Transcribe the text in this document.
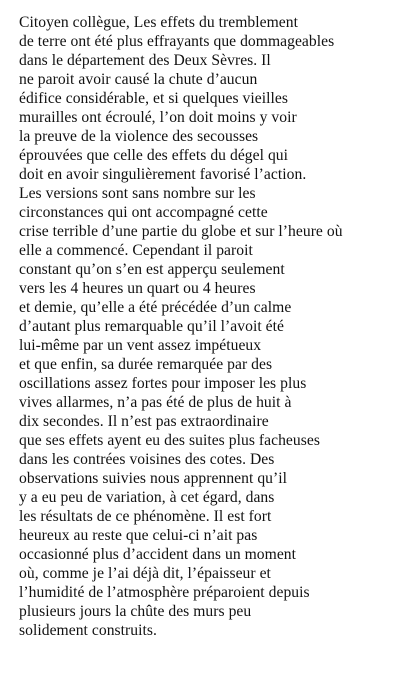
Citoyen collègue, Les effets du tremblement
de terre ont été plus effrayants que dommageables
dans le département des Deux Sèvres. Il
ne paroit avoir causé la chute d’aucun
édifice considérable, et si quelques vieilles
murailles ont écroulé, l’on doit moins y voir
la preuve de la violence des secousses
éprouvées que celle des effets du dégel qui
doit en avoir singulièrement favorisé l’action.
Les versions sont sans nombre sur les
circonstances qui ont accompagné cette
crise terrible d’une partie du globe et sur l’heure où
elle a commencé. Cependant il paroit
constant qu’on s’en est apperçu seulement
vers les 4 heures un quart ou 4 heures
et demie, qu’elle a été précédée d’un calme
d’autant plus remarquable qu’il l’avoit été
lui-même par un vent assez impétueux
et que enfin, sa durée remarquée par des
oscillations assez fortes pour imposer les plus
vives allarmes, n’a pas été de plus de huit à
dix secondes. Il n’est pas extraordinaire
que ses effets ayent eu des suites plus facheuses
dans les contrées voisines des cotes. Des
observations suivies nous apprennent qu’il
y a eu peu de variation, à cet égard, dans
les résultats de ce phénomène. Il est fort
heureux au reste que celui-ci n’ait pas
occasionné plus d’accident dans un moment
où, comme je l’ai déjà dit, l’épaisseur et
l’humidité de l’atmosphère préparoient depuis
plusieurs jours la chûte des murs peu
solidement construits.
